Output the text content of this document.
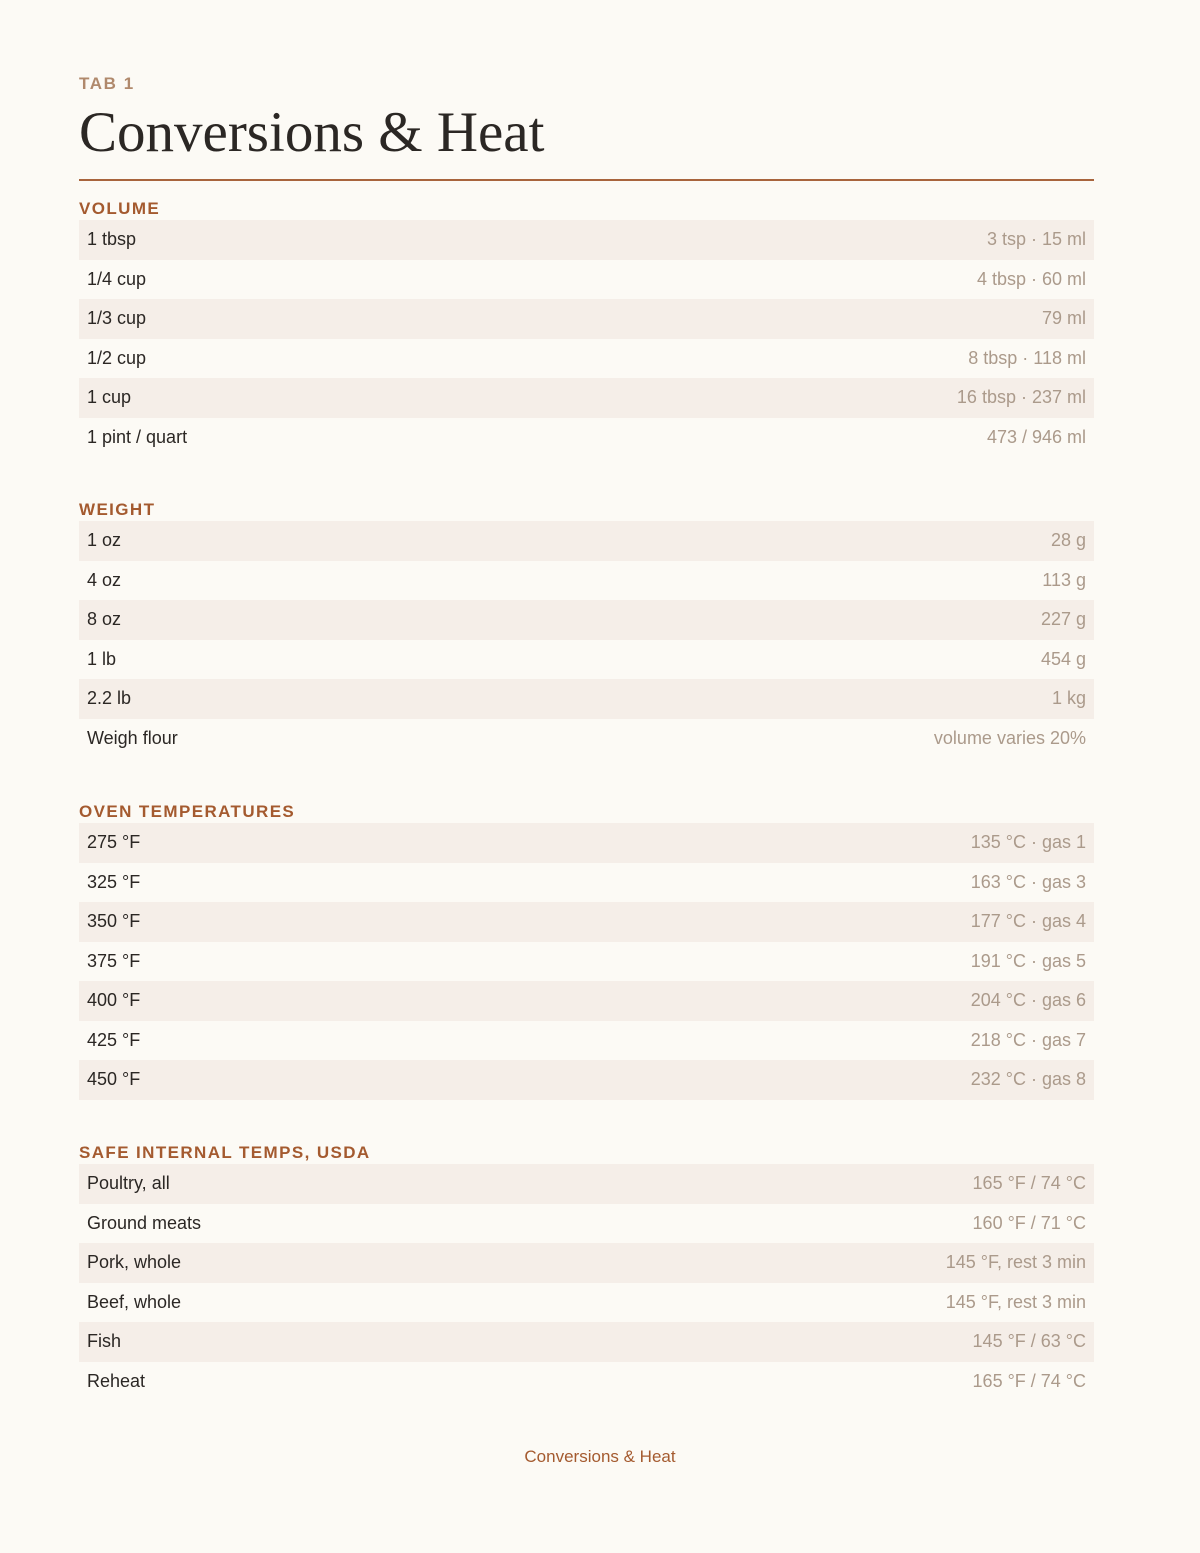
TAB 1
Conversions & Heat
VOLUME
1 tbsp	3 tsp · 15 ml
1/4 cup	4 tbsp · 60 ml
1/3 cup	79 ml
1/2 cup	8 tbsp · 118 ml
1 cup	16 tbsp · 237 ml
1 pint / quart	473 / 946 ml
WEIGHT
1 oz	28 g
4 oz	113 g
8 oz	227 g
1 lb	454 g
2.2 lb	1 kg
Weigh flour	volume varies 20%
OVEN TEMPERATURES
275 °F	135 °C · gas 1
325 °F	163 °C · gas 3
350 °F	177 °C · gas 4
375 °F	191 °C · gas 5
400 °F	204 °C · gas 6
425 °F	218 °C · gas 7
450 °F	232 °C · gas 8
SAFE INTERNAL TEMPS, USDA
Poultry, all	165 °F / 74 °C
Ground meats	160 °F / 71 °C
Pork, whole	145 °F, rest 3 min
Beef, whole	145 °F, rest 3 min
Fish	145 °F / 63 °C
Reheat	165 °F / 74 °C
Conversions & Heat
